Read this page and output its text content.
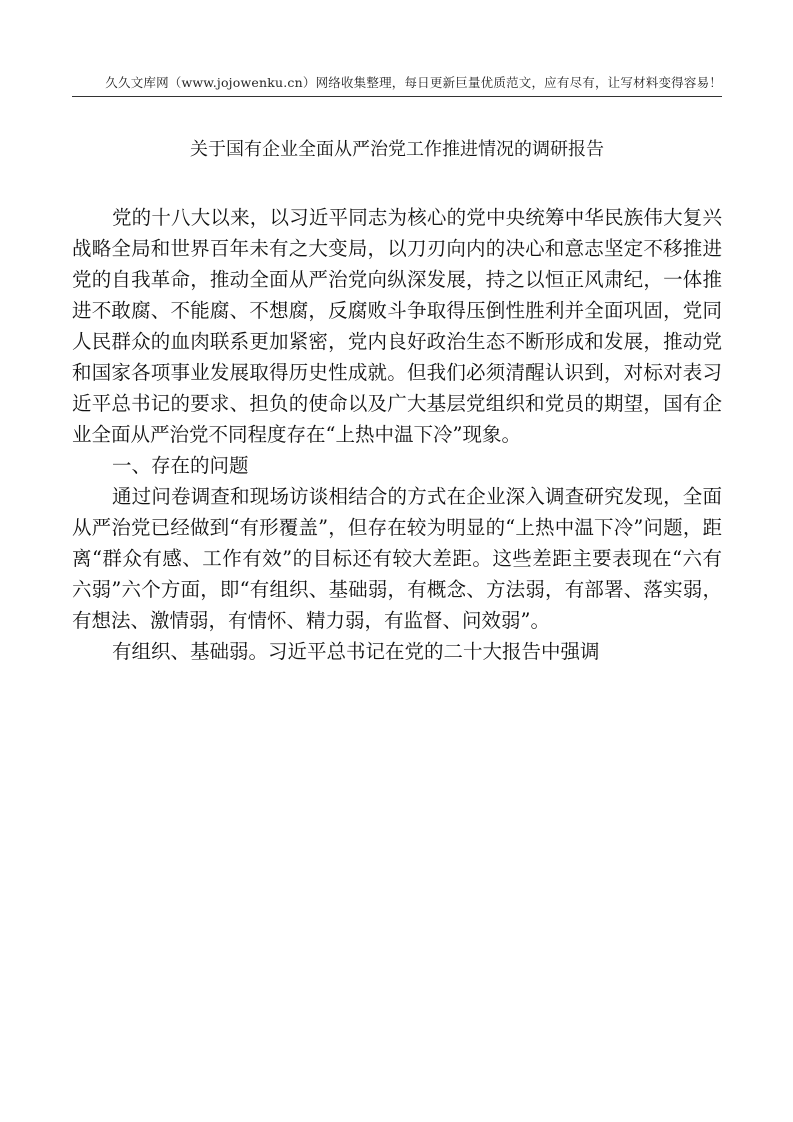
久久文库网（www.jojowenku.cn）网络收集整理，每日更新巨量优质范文，应有尽有，让写材料变得容易！
关于国有企业全面从严治党工作推进情况的调研报告

党的十八大以来，以习近平同志为核心的党中央统筹中华民族伟大复兴战略全局和世界百年未有之大变局，以刀刃向内的决心和意志坚定不移推进党的自我革命，推动全面从严治党向纵深发展，持之以恒正风肃纪，一体推进不敢腐、不能腐、不想腐，反腐败斗争取得压倒性胜利并全面巩固，党同人民群众的血肉联系更加紧密，党内良好政治生态不断形成和发展，推动党和国家各项事业发展取得历史性成就。但我们必须清醒认识到，对标对表习近平总书记的要求、担负的使命以及广大基层党组织和党员的期望，国有企业全面从严治党不同程度存在“上热中温下冷”现象。

一、存在的问题

通过问卷调查和现场访谈相结合的方式在企业深入调查研究发现，全面从严治党已经做到“有形覆盖”，但存在较为明显的“上热中温下冷”问题，距离“群众有感、工作有效”的目标还有较大差距。这些差距主要表现在“六有六弱”六个方面，即“有组织、基础弱，有概念、方法弱，有部署、落实弱，有想法、激情弱，有情怀、精力弱，有监督、问效弱”。

有组织、基础弱。习近平总书记在党的二十大报告中强调
